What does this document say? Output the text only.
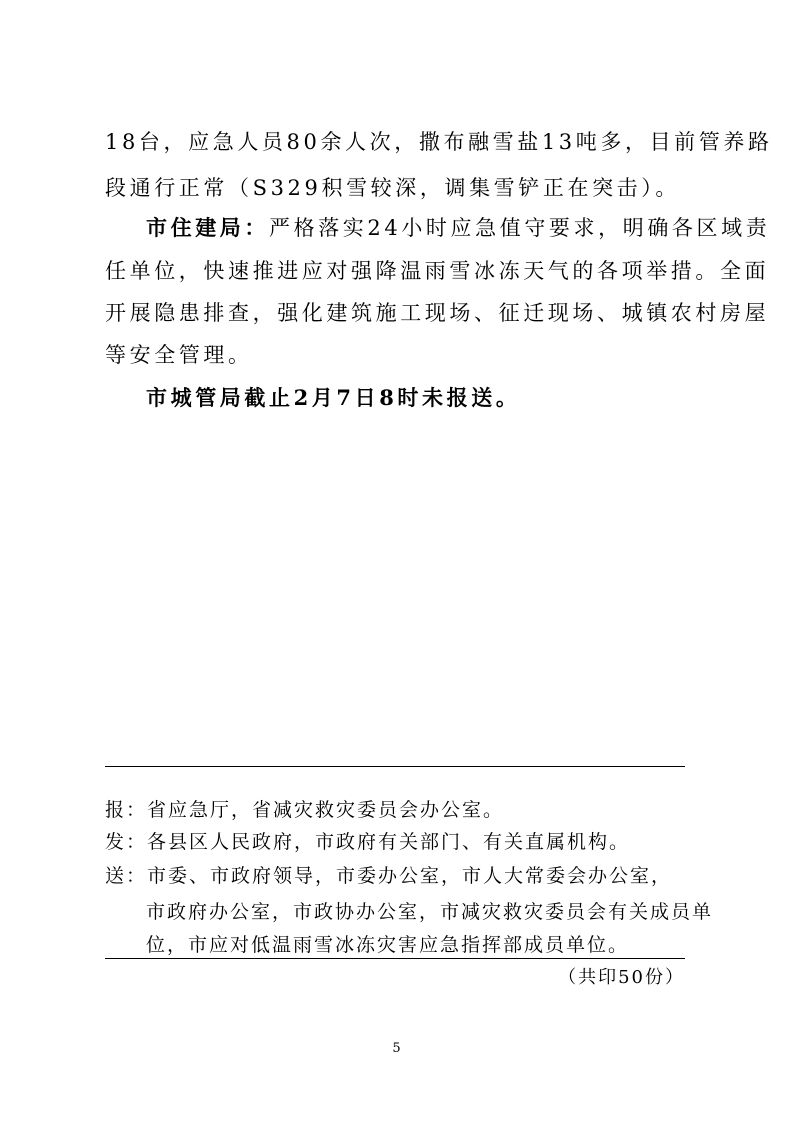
18台，应急人员80余人次，撒布融雪盐13吨多，目前管养路
段通行正常（S329积雪较深，调集雪铲正在突击）。
市住建局：严格落实24小时应急值守要求，明确各区域责
任单位，快速推进应对强降温雨雪冰冻天气的各项举措。全面
开展隐患排查，强化建筑施工现场、征迁现场、城镇农村房屋
等安全管理。
市城管局截止2月7日8时未报送。
报：省应急厅，省减灾救灾委员会办公室。
发：各县区人民政府，市政府有关部门、有关直属机构。
送：市委、市政府领导，市委办公室，市人大常委会办公室，
市政府办公室，市政协办公室，市减灾救灾委员会有关成员单
位，市应对低温雨雪冰冻灾害应急指挥部成员单位。
（共印50份）
5
